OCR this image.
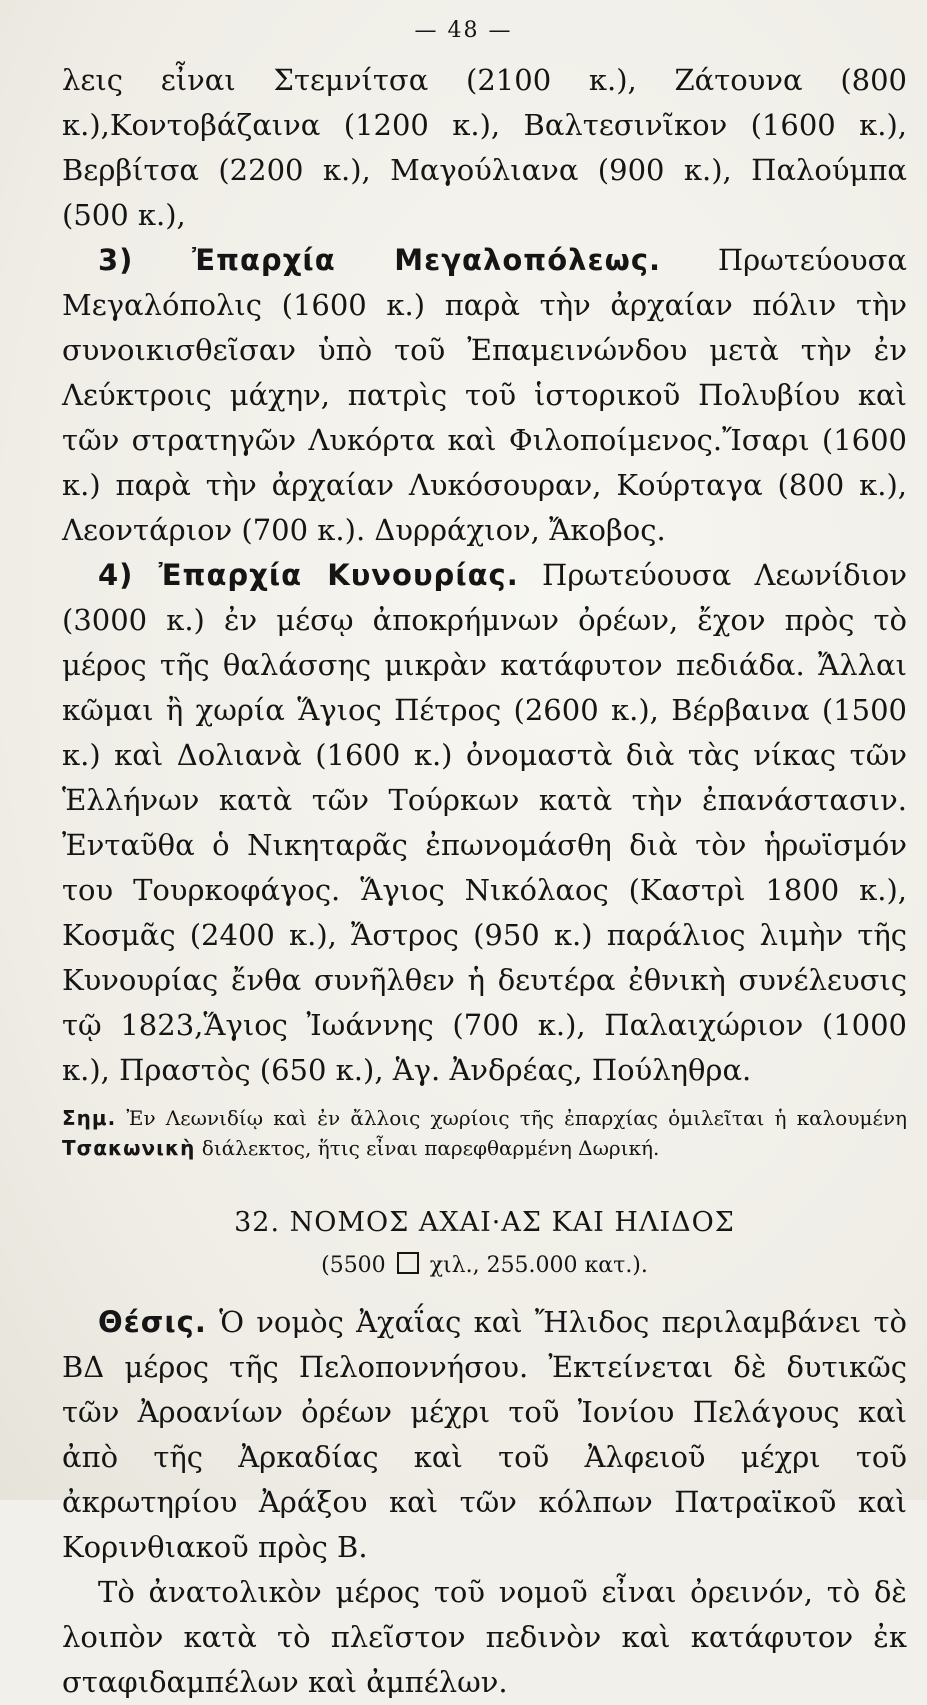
— 48 —

λεις εἶναι Στεμνίτσα (2100 κ.), Ζάτουνα (800 κ.),Κοντοβάζαινα (1200 κ.), Βαλτεσινῖκον (1600 κ.), Βερβίτσα (2200 κ.), Μαγούλιανα (900 κ.), Παλούμπα (500 κ.),

3) Ἐπαρχία Μεγαλοπόλεως. Πρωτεύουσα Μεγαλόπολις (1600 κ.) παρὰ τὴν ἀρχαίαν πόλιν τὴν συνοικισθεῖσαν ὑπὸ τοῦ Ἐπαμεινώνδου μετὰ τὴν ἐν Λεύκτροις μάχην, πατρὶς τοῦ ἱστορικοῦ Πολυβίου καὶ τῶν στρατηγῶν Λυκόρτα καὶ Φιλοποίμενος.Ἴσαρι (1600 κ.) παρὰ τὴν ἀρχαίαν Λυκόσουραν, Κούρταγα (800 κ.), Λεοντάριον (700 κ.). Δυρράχιον, Ἄκοβος.

4) Ἐπαρχία Κυνουρίας. Πρωτεύουσα Λεωνίδιον (3000 κ.) ἐν μέσῳ ἀποκρήμνων ὀρέων, ἔχον πρὸς τὸ μέρος τῆς θαλάσσης μικρὰν κατάφυτον πεδιάδα. Ἄλλαι κῶμαι ἢ χωρία Ἅγιος Πέτρος (2600 κ.), Βέρβαινα (1500 κ.) καὶ Δολιανὰ (1600 κ.) ὀνομαστὰ διὰ τὰς νίκας τῶν Ἑλλήνων κατὰ τῶν Τούρκων κατὰ τὴν ἐπανάστασιν. Ἐνταῦθα ὁ Νικηταρᾶς ἐπωνομάσθη διὰ τὸν ἡρωϊσμόν του Τουρκοφάγος. Ἅγιος Νικόλαος (Καστρὶ 1800 κ.), Κοσμᾶς (2400 κ.), Ἄστρος (950 κ.) παράλιος λιμὴν τῆς Κυνουρίας ἔνθα συνῆλθεν ἡ δευτέρα ἐθνικὴ συνέλευσις τῷ 1823,Ἅγιος Ἰωάννης (700 κ.), Παλαιχώριον (1000 κ.), Πραστὸς (650 κ.), Ἁγ. Ἀνδρέας, Πούληθρα.

Σημ. Ἐν Λεωνιδίῳ καὶ ἐν ἄλλοις χωρίοις τῆς ἐπαρχίας ὁμιλεῖται ἡ καλουμένη Τσακωνικὴ διάλεκτος, ἥτις εἶναι παρεφθαρμένη Δωρική.

32. ΝΟΜΟΣ ΑΧΑΙ·ΑΣ ΚΑΙ ΗΛΙΔΟΣ
(5500 χιλ., 255.000 κατ.).

Θέσις. Ὁ νομὸς Ἀχαΐας καὶ Ἤλιδος περιλαμβάνει τὸ ΒΔ μέρος τῆς Πελοποννήσου. Ἐκτείνεται δὲ δυτικῶς τῶν Ἀροανίων ὀρέων μέχρι τοῦ Ἰονίου Πελάγους καὶ ἀπὸ τῆς Ἀρκαδίας καὶ τοῦ Ἀλφειοῦ μέχρι τοῦ ἀκρωτηρίου Ἀράξου καὶ τῶν κόλπων Πατραϊκοῦ καὶ Κορινθιακοῦ πρὸς Β.

Τὸ ἀνατολικὸν μέρος τοῦ νομοῦ εἶναι ὀρεινόν, τὸ δὲ λοιπὸν κατὰ τὸ πλεῖστον πεδινὸν καὶ κατάφυτον ἐκ σταφιδαμπέλων καὶ ἀμπέλων.
